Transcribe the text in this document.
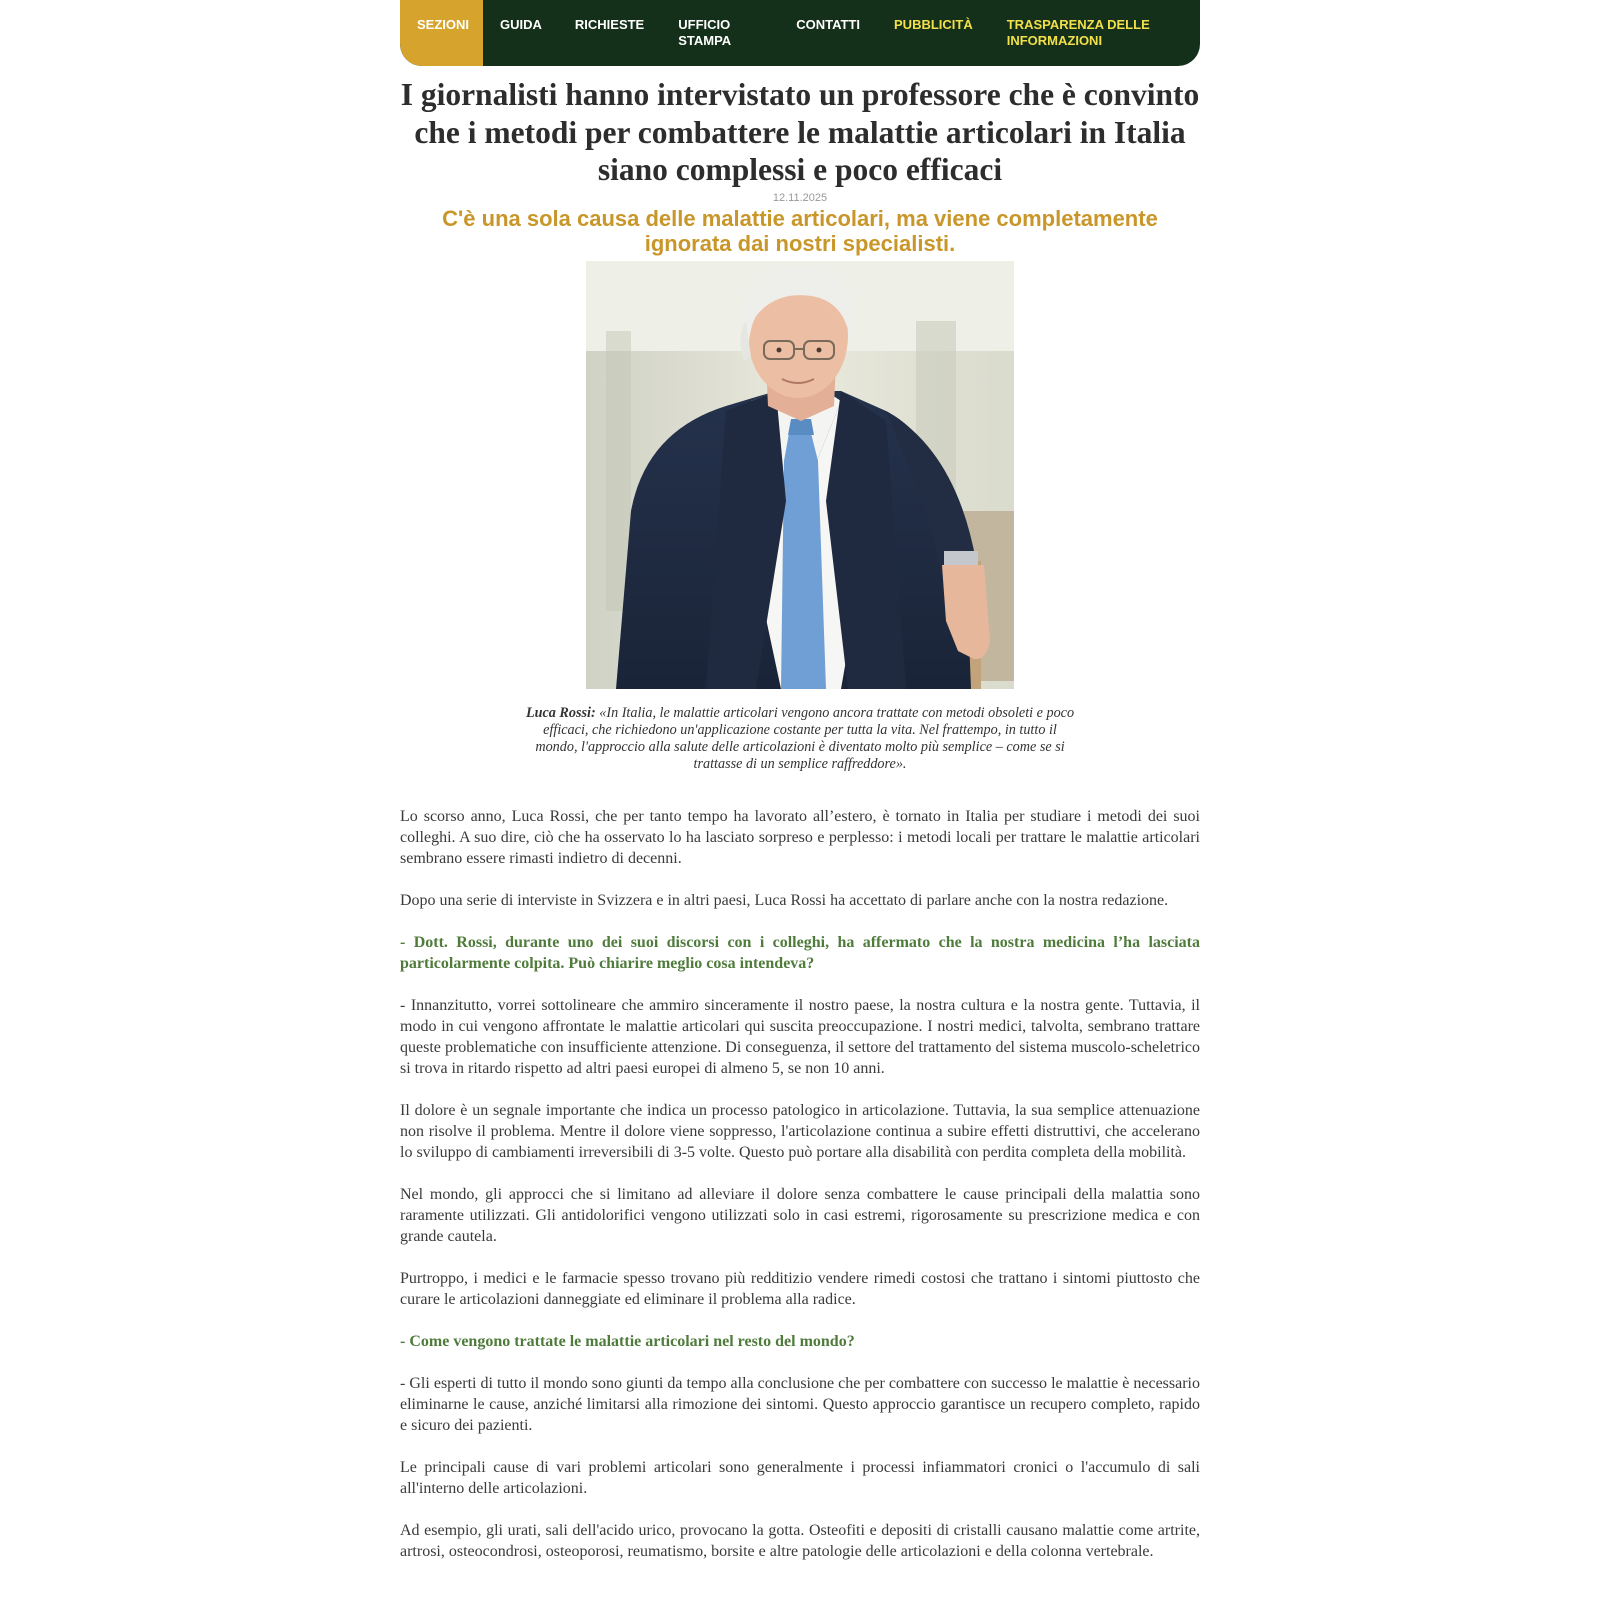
SEZIONI	GUIDA	RICHIESTE	UFFICIO STAMPA
CONTATTI	PUBBLICITÀ	TRASPARENZA DELLE INFORMAZIONI
I giornalisti hanno intervistato un professore che è convinto che i metodi per combattere le malattie articolari in Italia siano complessi e poco efficaci
12.11.2025
C'è una sola causa delle malattie articolari, ma viene completamente ignorata dai nostri specialisti.
Luca Rossi: «In Italia, le malattie articolari vengono ancora trattate con metodi obsoleti e poco efficaci, che richiedono un'applicazione costante per tutta la vita. Nel frattempo, in tutto il mondo, l'approccio alla salute delle articolazioni è diventato molto più semplice – come se si trattasse di un semplice raffreddore».

Lo scorso anno, Luca Rossi, che per tanto tempo ha lavorato all’estero, è tornato in Italia per studiare i metodi dei suoi colleghi. A suo dire, ciò che ha osservato lo ha lasciato sorpreso e perplesso: i metodi locali per trattare le malattie articolari sembrano essere rimasti indietro di decenni.

Dopo una serie di interviste in Svizzera e in altri paesi, Luca Rossi ha accettato di parlare anche con la nostra redazione.

- Dott. Rossi, durante uno dei suoi discorsi con i colleghi, ha affermato che la nostra medicina l’ha lasciata particolarmente colpita. Può chiarire meglio cosa intendeva?

- Innanzitutto, vorrei sottolineare che ammiro sinceramente il nostro paese, la nostra cultura e la nostra gente. Tuttavia, il modo in cui vengono affrontate le malattie articolari qui suscita preoccupazione. I nostri medici, talvolta, sembrano trattare queste problematiche con insufficiente attenzione. Di conseguenza, il settore del trattamento del sistema muscolo-scheletrico si trova in ritardo rispetto ad altri paesi europei di almeno 5, se non 10 anni.

Il dolore è un segnale importante che indica un processo patologico in articolazione. Tuttavia, la sua semplice attenuazione non risolve il problema. Mentre il dolore viene soppresso, l'articolazione continua a subire effetti distruttivi, che accelerano lo sviluppo di cambiamenti irreversibili di 3-5 volte. Questo può portare alla disabilità con perdita completa della mobilità.

Nel mondo, gli approcci che si limitano ad alleviare il dolore senza combattere le cause principali della malattia sono raramente utilizzati. Gli antidolorifici vengono utilizzati solo in casi estremi, rigorosamente su prescrizione medica e con grande cautela.

Purtroppo, i medici e le farmacie spesso trovano più redditizio vendere rimedi costosi che trattano i sintomi piuttosto che curare le articolazioni danneggiate ed eliminare il problema alla radice.

- Come vengono trattate le malattie articolari nel resto del mondo?

- Gli esperti di tutto il mondo sono giunti da tempo alla conclusione che per combattere con successo le malattie è necessario eliminarne le cause, anziché limitarsi alla rimozione dei sintomi. Questo approccio garantisce un recupero completo, rapido e sicuro dei pazienti.

Le principali cause di vari problemi articolari sono generalmente i processi infiammatori cronici o l'accumulo di sali all'interno delle articolazioni.

Ad esempio, gli urati, sali dell'acido urico, provocano la gotta. Osteofiti e depositi di cristalli causano malattie come artrite, artrosi, osteocondrosi, osteoporosi, reumatismo, borsite e altre patologie delle articolazioni e della colonna vertebrale.
